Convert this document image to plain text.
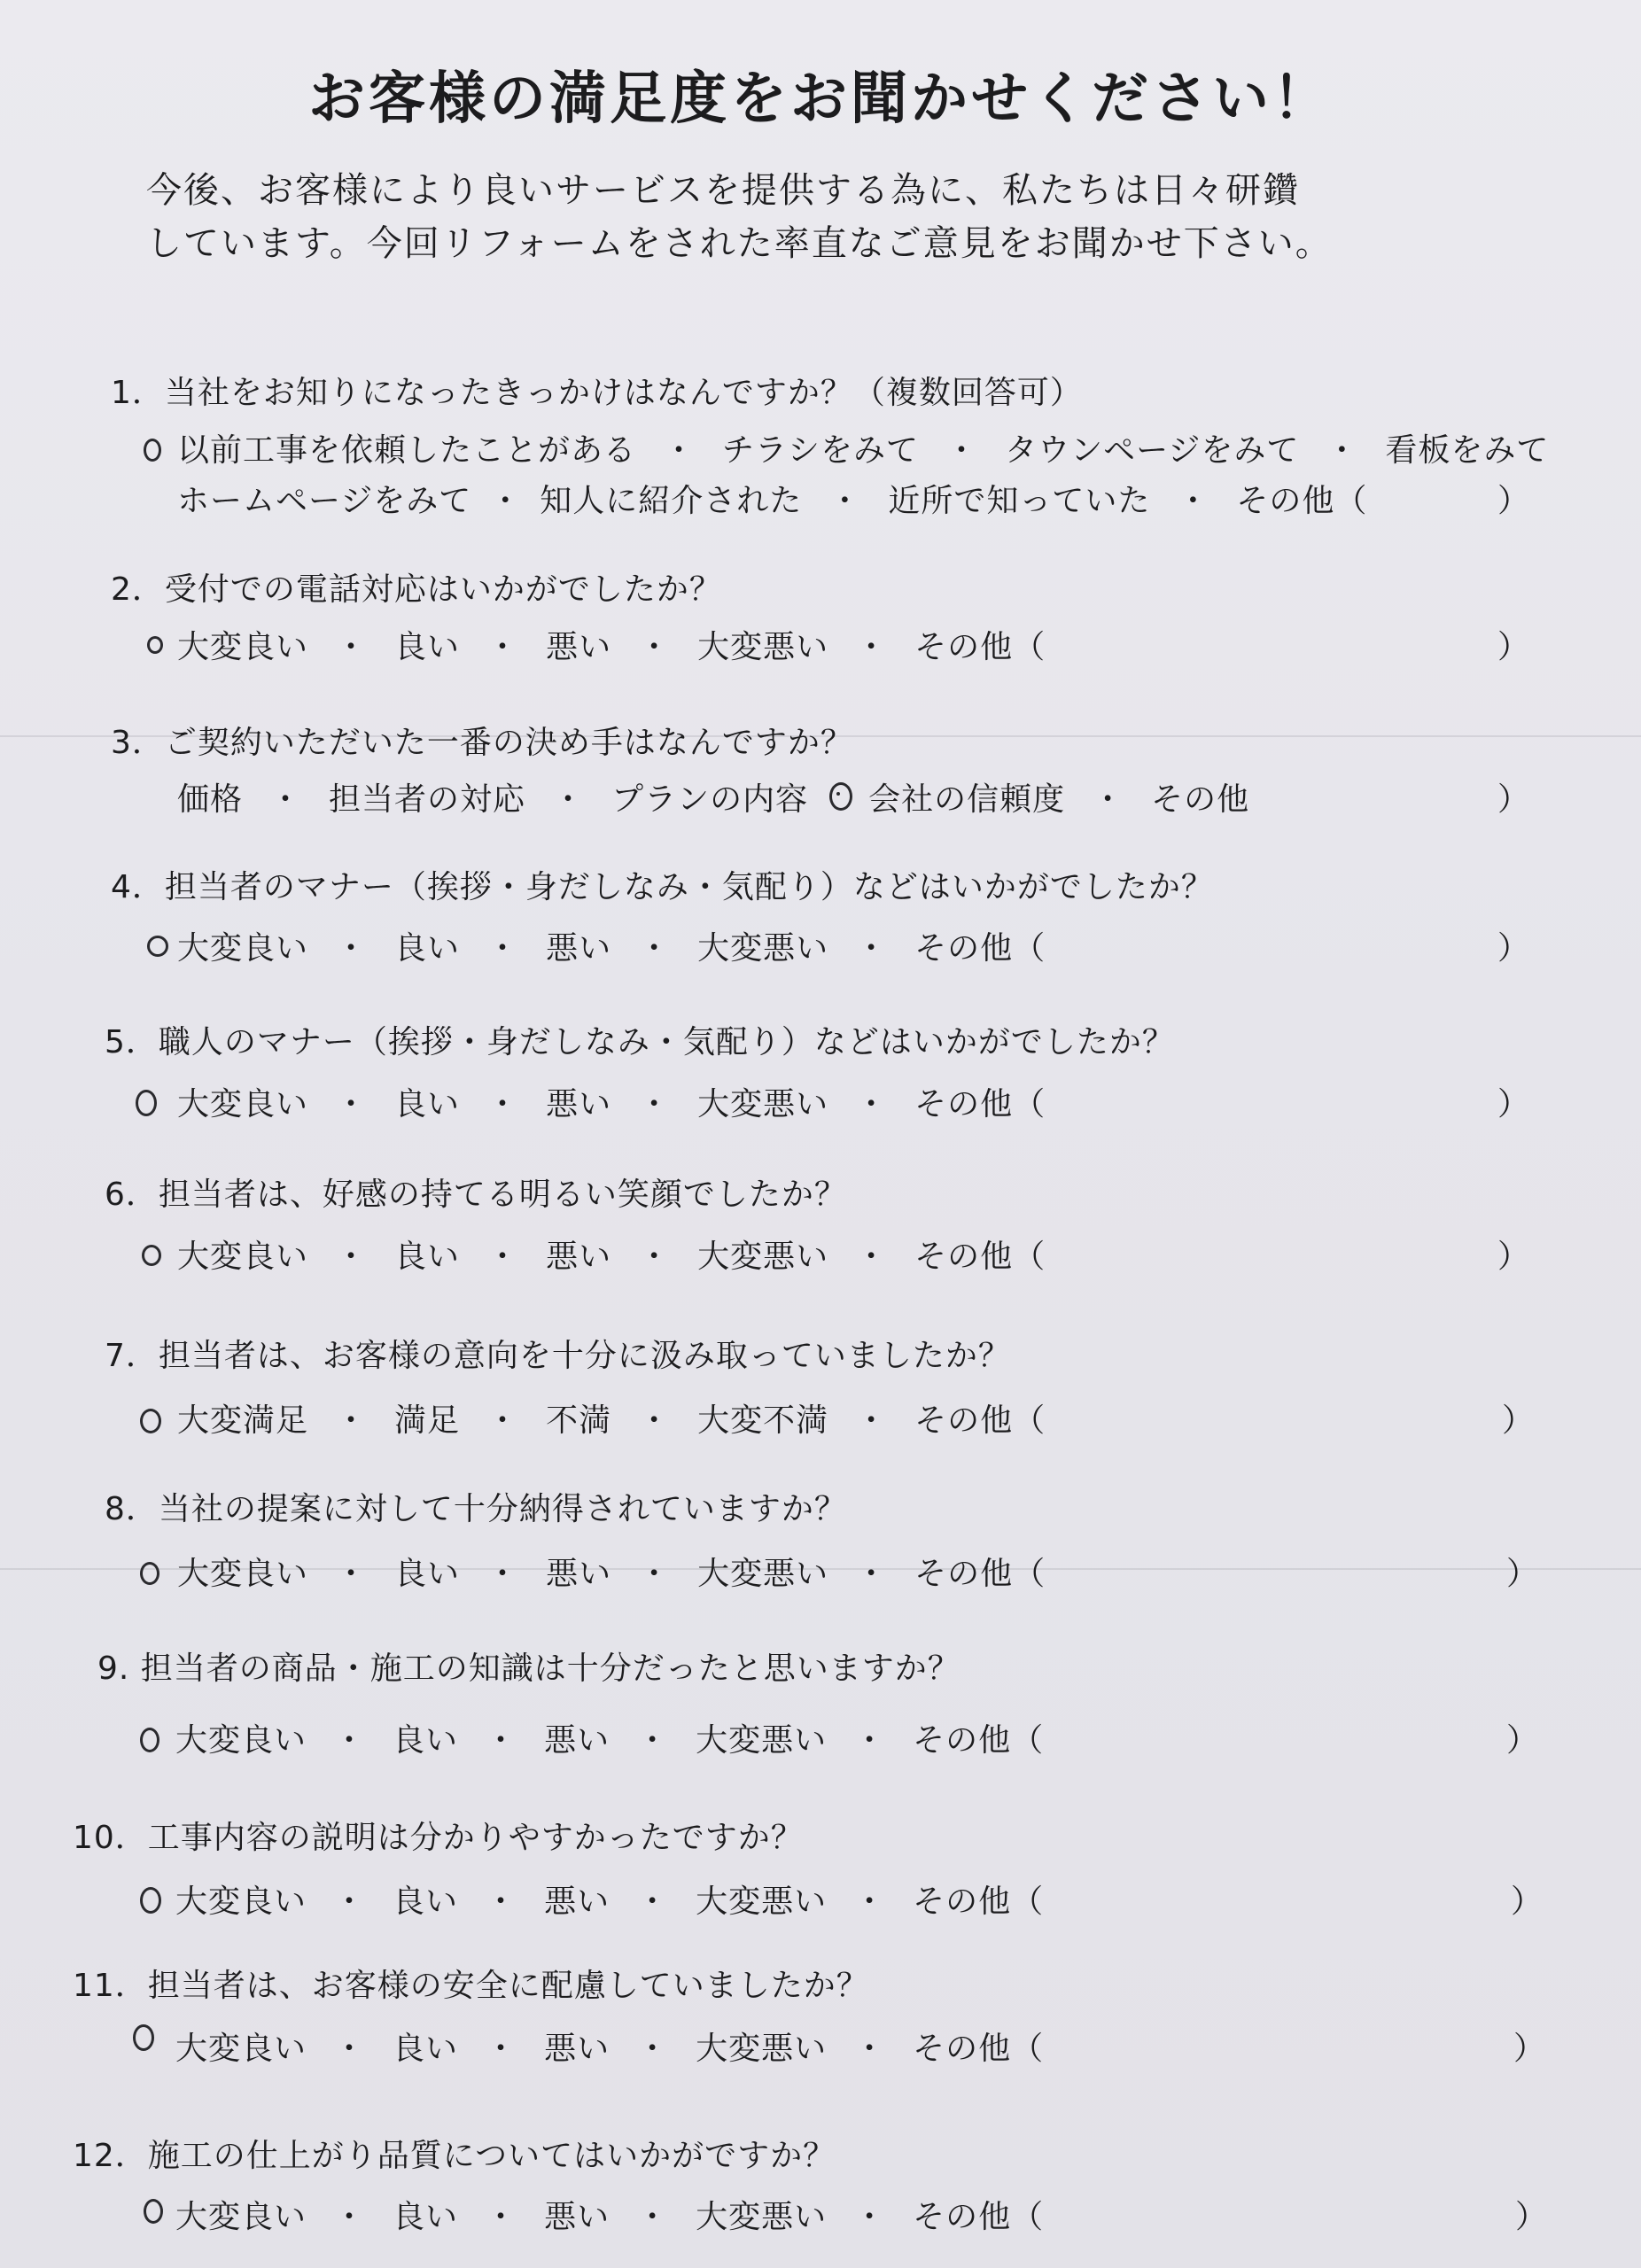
お客様の満足度をお聞かせください！
今後、お客様により良いサービスを提供する為に、私たちは日々研鑽
しています。今回リフォームをされた率直なご意見をお聞かせ下さい。
1．当社をお知りになったきっかけはなんですか？（複数回答可）
以前工事を依頼したことがある ・ チラシをみて ・ タウンページをみて ・ 看板をみて
ホームページをみて ・ 知人に紹介された ・ 近所で知っていた ・ その他（	）
2．受付での電話対応はいかがでしたか？
大変良い ・ 良い ・ 悪い ・ 大変悪い ・ その他（	）
3．ご契約いただいた一番の決め手はなんですか？
価格 ・ 担当者の対応 ・ プランの内容 会社の信頼度 ・ その他	）
4．担当者のマナー（挨拶・身だしなみ・気配り）などはいかがでしたか？
大変良い ・ 良い ・ 悪い ・ 大変悪い ・ その他（	）
5．職人のマナー（挨拶・身だしなみ・気配り）などはいかがでしたか？
大変良い ・ 良い ・ 悪い ・ 大変悪い ・ その他（	）
6．担当者は、好感の持てる明るい笑顔でしたか？
大変良い ・ 良い ・ 悪い ・ 大変悪い ・ その他（	）
7．担当者は、お客様の意向を十分に汲み取っていましたか？
大変満足 ・ 満足 ・ 不満 ・ 大変不満 ・ その他（	）
8．当社の提案に対して十分納得されていますか？
大変良い ・ 良い ・ 悪い ・ 大変悪い ・ その他（	）
9. 担当者の商品・施工の知識は十分だったと思いますか？
大変良い ・ 良い ・ 悪い ・ 大変悪い ・ その他（	）
10．工事内容の説明は分かりやすかったですか？
大変良い ・ 良い ・ 悪い ・ 大変悪い ・ その他（	）
11．担当者は、お客様の安全に配慮していましたか？
大変良い ・ 良い ・ 悪い ・ 大変悪い ・ その他（	）
12．施工の仕上がり品質についてはいかがですか？
大変良い ・ 良い ・ 悪い ・ 大変悪い ・ その他（	）
